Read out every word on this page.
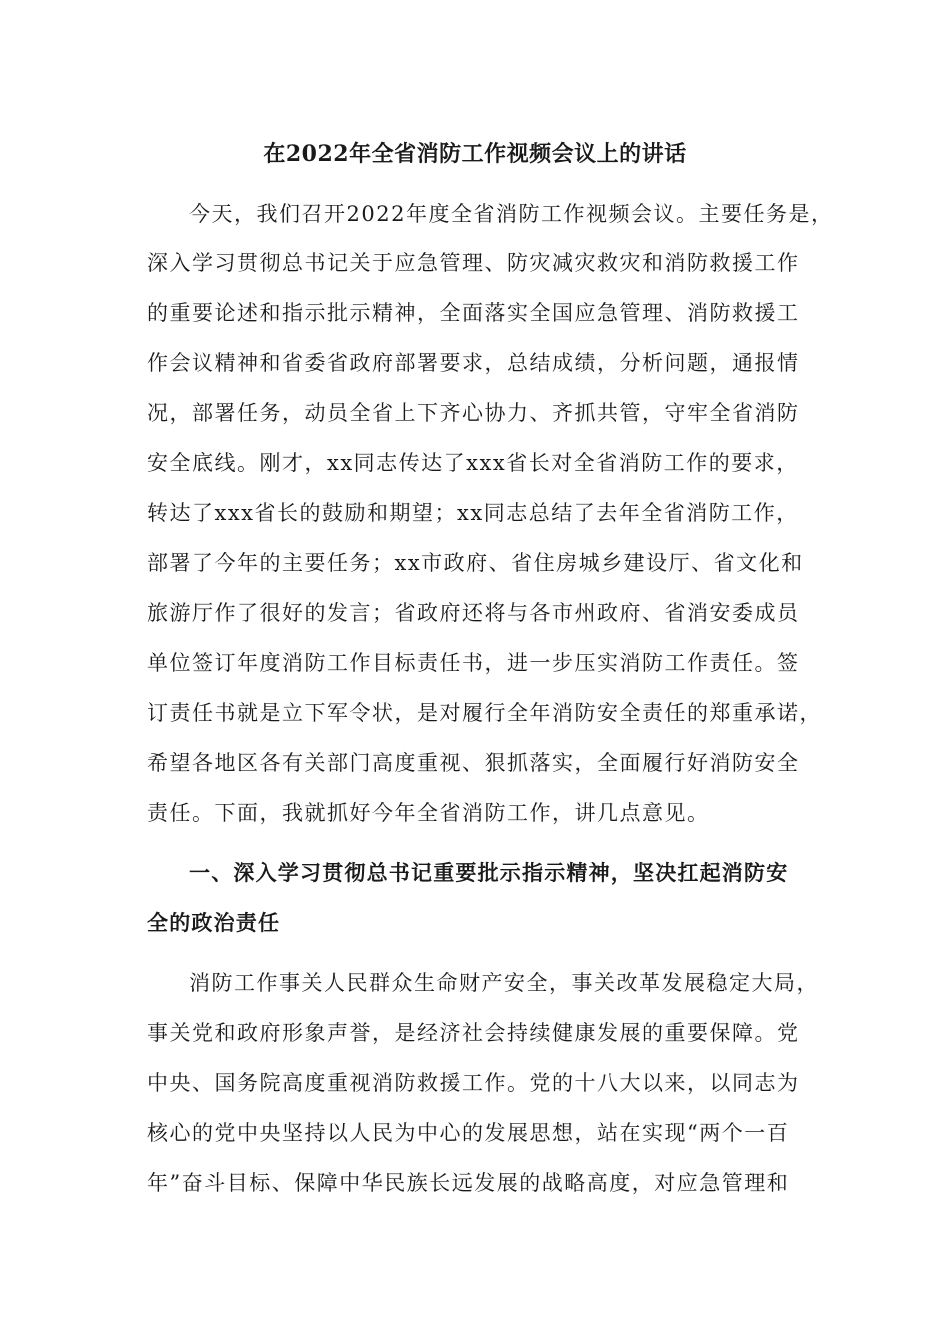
在2022年全省消防工作视频会议上的讲话
今天，我们召开2022年度全省消防工作视频会议。主要任务是，
深入学习贯彻总书记关于应急管理、防灾减灾救灾和消防救援工作
的重要论述和指示批示精神，全面落实全国应急管理、消防救援工
作会议精神和省委省政府部署要求，总结成绩，分析问题，通报情
况，部署任务，动员全省上下齐心协力、齐抓共管，守牢全省消防
安全底线。刚才，xx同志传达了xxx省长对全省消防工作的要求，
转达了xxx省长的鼓励和期望；xx同志总结了去年全省消防工作，
部署了今年的主要任务；xx市政府、省住房城乡建设厅、省文化和
旅游厅作了很好的发言；省政府还将与各市州政府、省消安委成员
单位签订年度消防工作目标责任书，进一步压实消防工作责任。签
订责任书就是立下军令状，是对履行全年消防安全责任的郑重承诺，
希望各地区各有关部门高度重视、狠抓落实，全面履行好消防安全
责任。下面，我就抓好今年全省消防工作，讲几点意见。
一、深入学习贯彻总书记重要批示指示精神，坚决扛起消防安
全的政治责任
消防工作事关人民群众生命财产安全，事关改革发展稳定大局，
事关党和政府形象声誉，是经济社会持续健康发展的重要保障。党
中央、国务院高度重视消防救援工作。党的十八大以来，以同志为
核心的党中央坚持以人民为中心的发展思想，站在实现“两个一百
年”奋斗目标、保障中华民族长远发展的战略高度，对应急管理和
